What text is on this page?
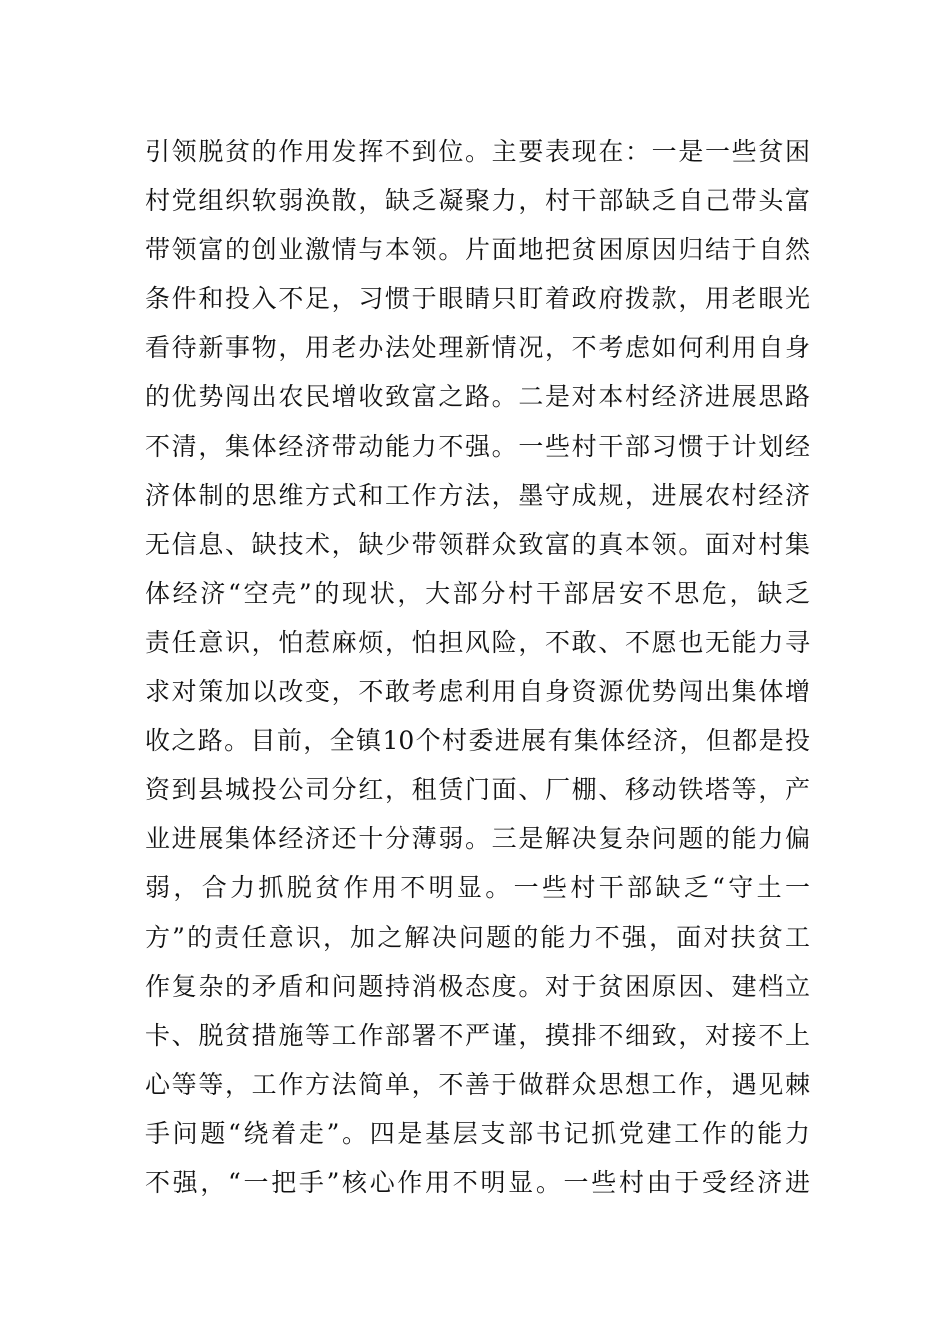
引领脱贫的作用发挥不到位。主要表现在：一是一些贫困
村党组织软弱涣散，缺乏凝聚力，村干部缺乏自己带头富
带领富的创业激情与本领。片面地把贫困原因归结于自然
条件和投入不足，习惯于眼睛只盯着政府拨款，用老眼光
看待新事物，用老办法处理新情况，不考虑如何利用自身
的优势闯出农民增收致富之路。二是对本村经济进展思路
不清，集体经济带动能力不强。一些村干部习惯于计划经
济体制的思维方式和工作方法，墨守成规，进展农村经济
无信息、缺技术，缺少带领群众致富的真本领。面对村集
体经济“空壳”的现状，大部分村干部居安不思危，缺乏
责任意识，怕惹麻烦，怕担风险，不敢、不愿也无能力寻
求对策加以改变，不敢考虑利用自身资源优势闯出集体增
收之路。目前，全镇10个村委进展有集体经济，但都是投
资到县城投公司分红，租赁门面、厂棚、移动铁塔等，产
业进展集体经济还十分薄弱。三是解决复杂问题的能力偏
弱，合力抓脱贫作用不明显。一些村干部缺乏“守土一
方”的责任意识，加之解决问题的能力不强，面对扶贫工
作复杂的矛盾和问题持消极态度。对于贫困原因、建档立
卡、脱贫措施等工作部署不严谨，摸排不细致，对接不上
心等等，工作方法简单，不善于做群众思想工作，遇见棘
手问题“绕着走”。四是基层支部书记抓党建工作的能力
不强，“一把手”核心作用不明显。一些村由于受经济进
